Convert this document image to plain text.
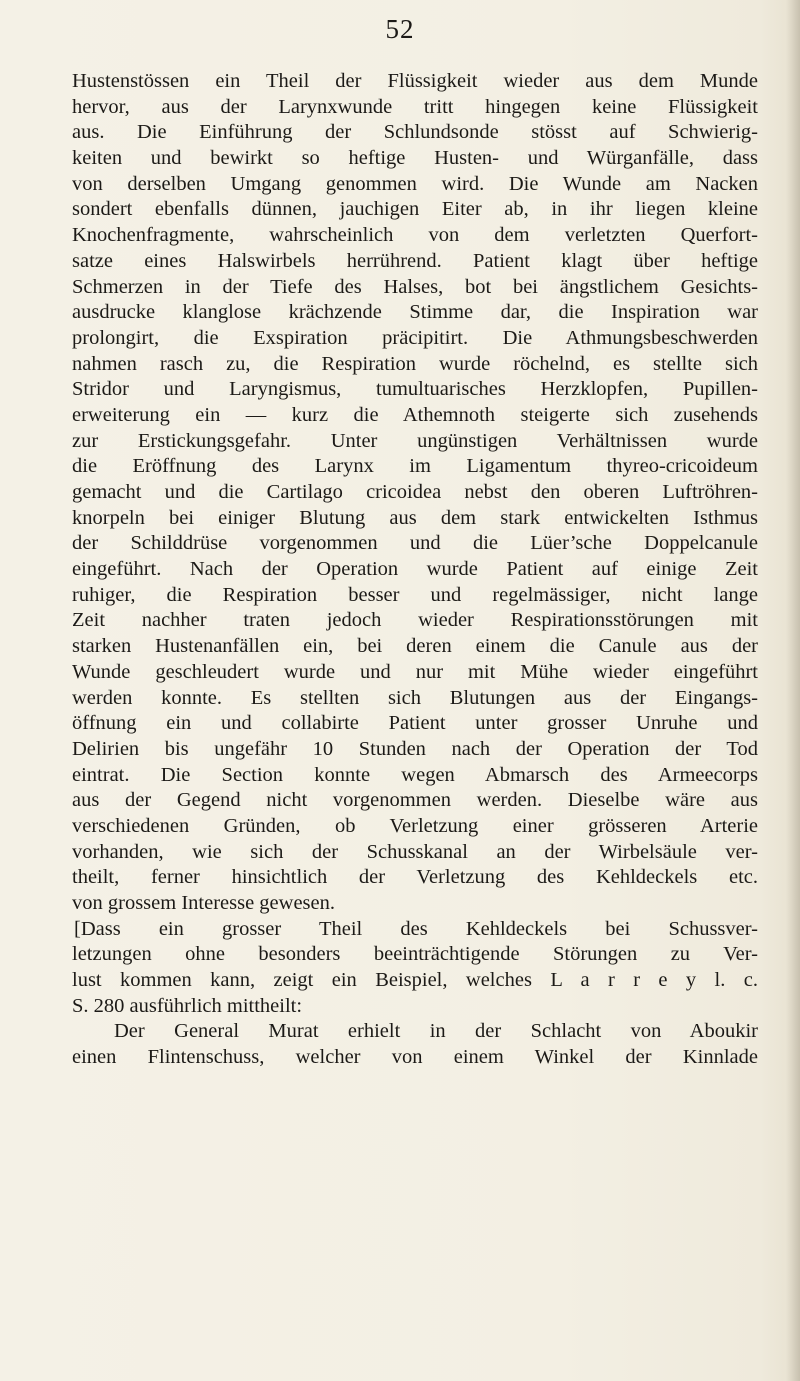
52
Hustenstössen ein Theil der Flüssigkeit wieder aus dem Munde
hervor, aus der Larynxwunde tritt hingegen keine Flüssigkeit
aus. Die Einführung der Schlundsonde stösst auf Schwierig-
keiten und bewirkt so heftige Husten- und Würganfälle, dass
von derselben Umgang genommen wird. Die Wunde am Nacken
sondert ebenfalls dünnen, jauchigen Eiter ab, in ihr liegen kleine
Knochenfragmente, wahrscheinlich von dem verletzten Querfort-
satze eines Halswirbels herrührend. Patient klagt über heftige
Schmerzen in der Tiefe des Halses, bot bei ängstlichem Gesichts-
ausdrucke klanglose krächzende Stimme dar, die Inspiration war
prolongirt, die Exspiration präcipitirt. Die Athmungsbeschwerden
nahmen rasch zu, die Respiration wurde röchelnd, es stellte sich
Stridor und Laryngismus, tumultuarisches Herzklopfen, Pupillen-
erweiterung ein — kurz die Athemnoth steigerte sich zusehends
zur Erstickungsgefahr. Unter ungünstigen Verhältnissen wurde
die Eröffnung des Larynx im Ligamentum thyreo-cricoideum
gemacht und die Cartilago cricoidea nebst den oberen Luftröhren-
knorpeln bei einiger Blutung aus dem stark entwickelten Isthmus
der Schilddrüse vorgenommen und die Lüer’sche Doppelcanule
eingeführt. Nach der Operation wurde Patient auf einige Zeit
ruhiger, die Respiration besser und regelmässiger, nicht lange
Zeit nachher traten jedoch wieder Respirationsstörungen mit
starken Hustenanfällen ein, bei deren einem die Canule aus der
Wunde geschleudert wurde und nur mit Mühe wieder eingeführt
werden konnte. Es stellten sich Blutungen aus der Eingangs-
öffnung ein und collabirte Patient unter grosser Unruhe und
Delirien bis ungefähr 10 Stunden nach der Operation der Tod
eintrat. Die Section konnte wegen Abmarsch des Armeecorps
aus der Gegend nicht vorgenommen werden. Dieselbe wäre aus
verschiedenen Gründen, ob Verletzung einer grösseren Arterie
vorhanden, wie sich der Schusskanal an der Wirbelsäule ver-
theilt, ferner hinsichtlich der Verletzung des Kehldeckels etc.
von grossem Interesse gewesen.
[Dass ein grosser Theil des Kehldeckels bei Schussver-
letzungen ohne besonders beeinträchtigende Störungen zu Ver-
lust kommen kann, zeigt ein Beispiel, welches L a r r e y l. c.
S. 280 ausführlich mittheilt:
Der General Murat erhielt in der Schlacht von Aboukir
einen Flintenschuss, welcher von einem Winkel der Kinnlade
